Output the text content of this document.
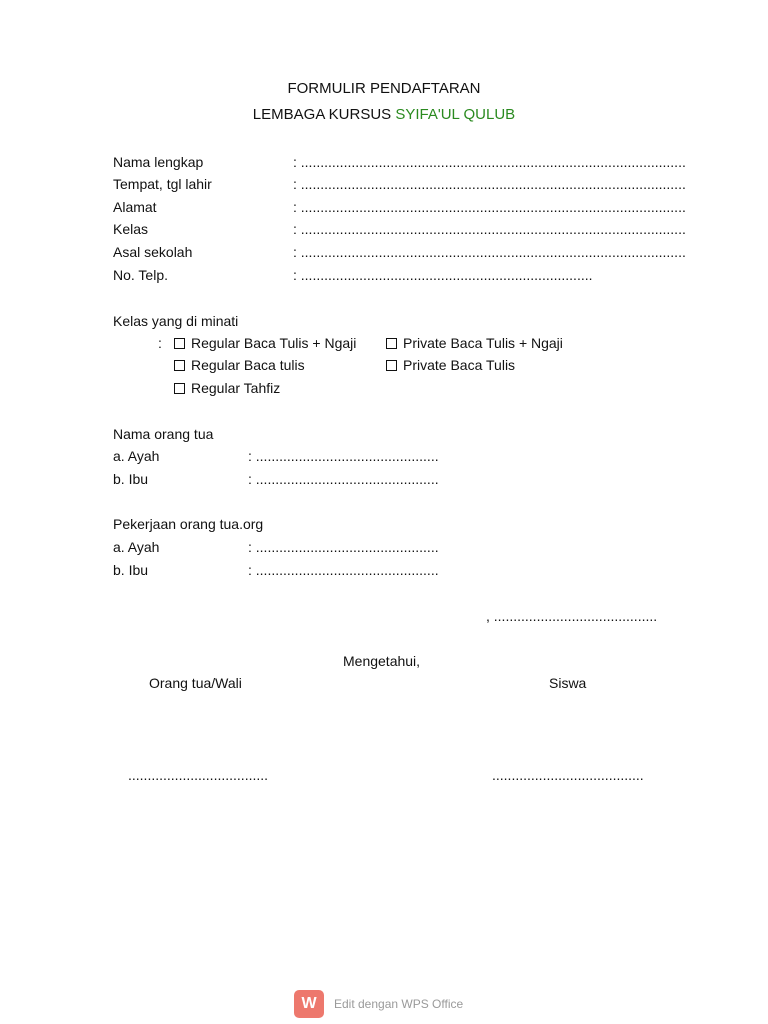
FORMULIR PENDAFTARAN
LEMBAGA KURSUS SYIFA'UL QULUB
Nama lengkap	: ...................................................................................................
Tempat, tgl lahir	: ...................................................................................................
Alamat	: ...................................................................................................
Kelas	: ...................................................................................................
Asal sekolah	: ...................................................................................................
No. Telp.	: ...........................................................................
Kelas yang di minati
:	Regular Baca Tulis + Ngaji	Private Baca Tulis + Ngaji
Regular Baca tulis	Private Baca Tulis
Regular Tahfiz
Nama orang tua
a. Ayah	: ...............................................
b. Ibu	: ...............................................
Pekerjaan orang tua.org
a. Ayah	: ...............................................
b. Ibu	: ...............................................
, ..........................................
Mengetahui,
Orang tua/Wali	Siswa
....................................	.......................................
W	Edit dengan WPS Office
